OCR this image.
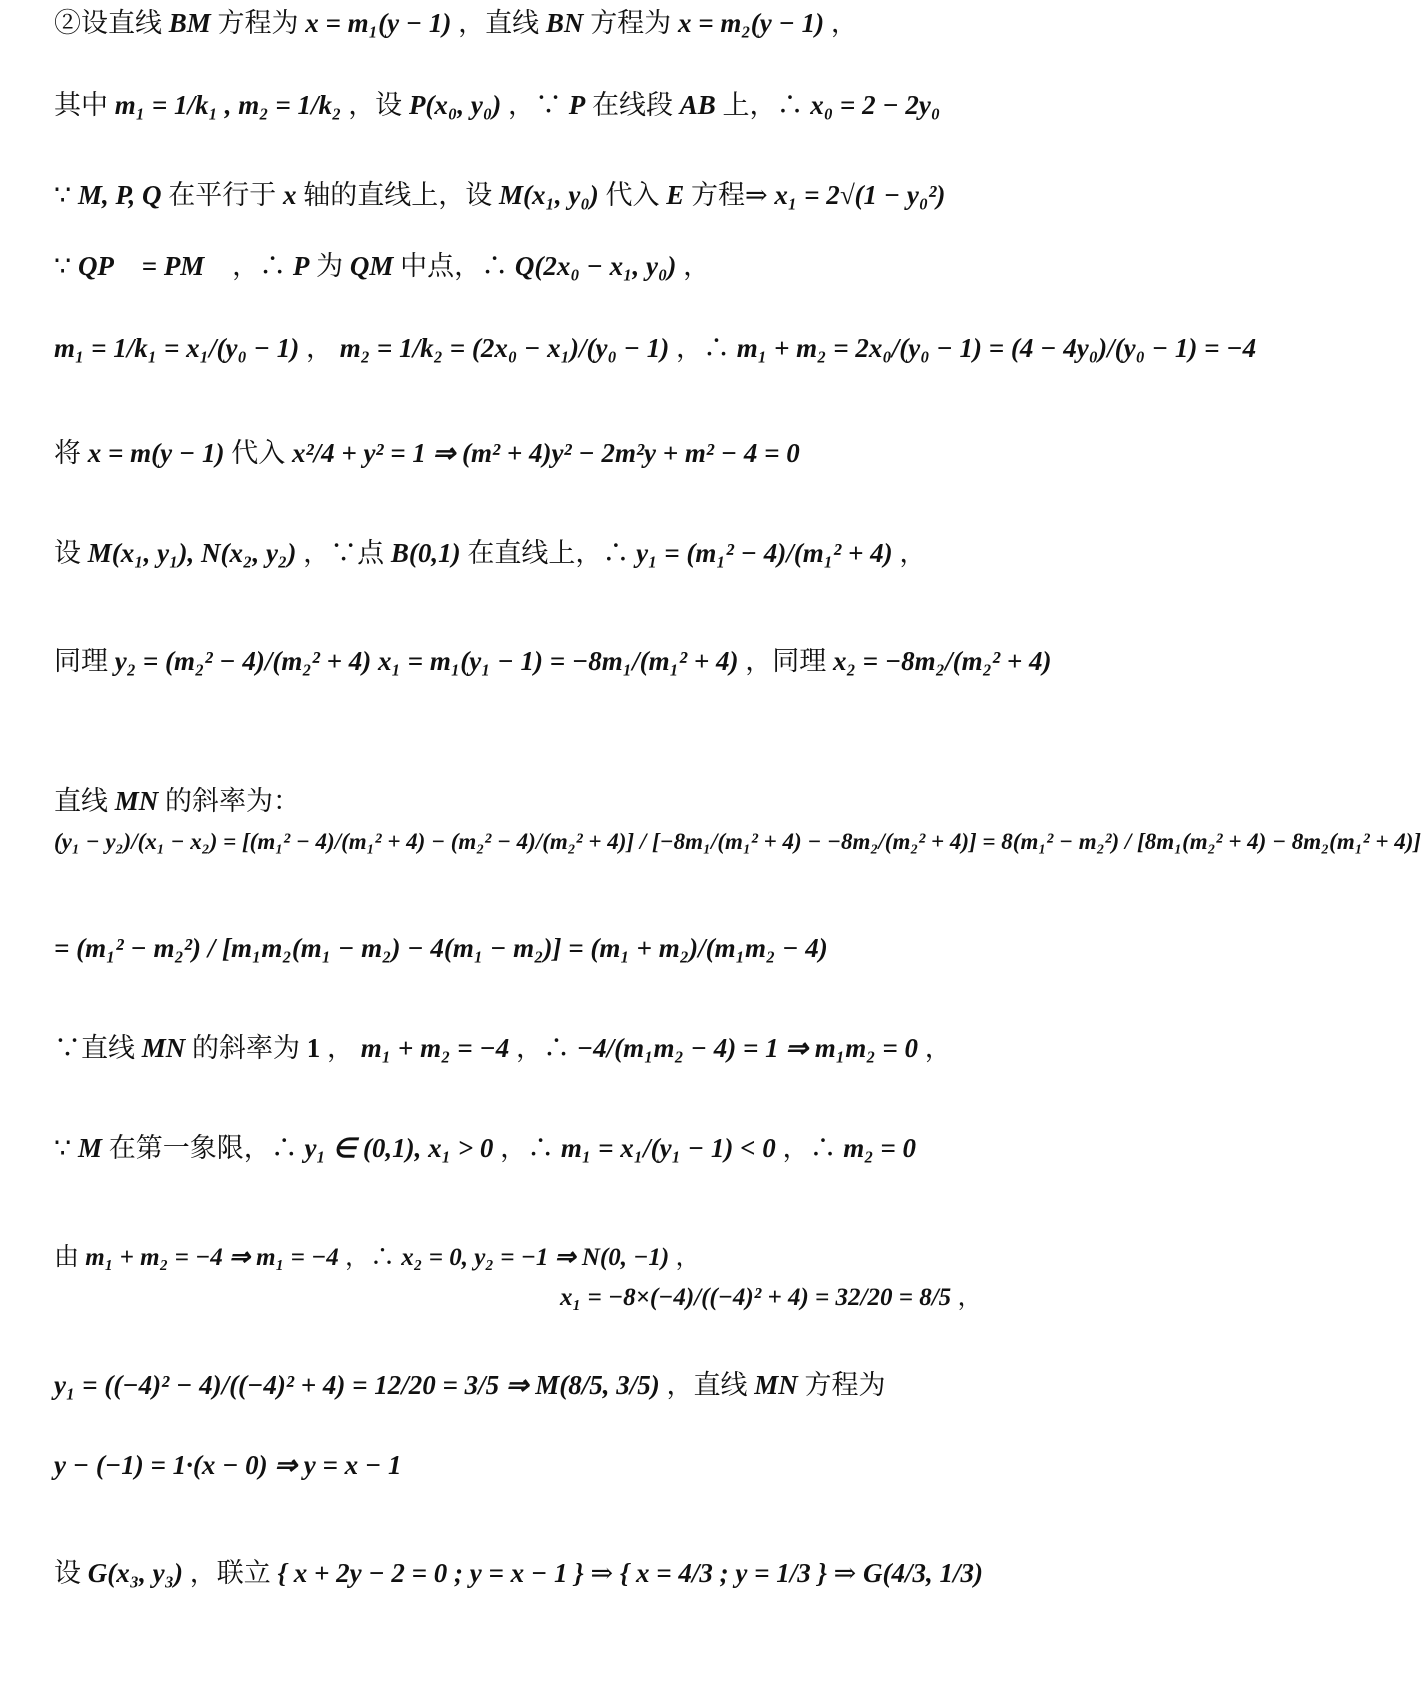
②设直线 BM 方程为 x = m₁(y − 1) ，直线 BN 方程为 x = m₂(y − 1) ，
其中 m₁ = 1/k₁ , m₂ = 1/k₂ ，设 P(x₀, y₀) ，∵ P 在线段 AB 上，∴ x₀ = 2 − 2y₀
∵ M, P, Q 在平行于 x 轴的直线上，设 M(x₁, y₀) 代入 E 方程⇒ x₁ = 2√(1 − y₀²)
∵ QP⃗ = PM⃗ ，∴ P 为 QM 中点，∴ Q(2x₀ − x₁, y₀) ，
m₁ = 1/k₁ = x₁/(y₀ − 1) ， m₂ = 1/k₂ = (2x₀ − x₁)/(y₀ − 1) ，∴ m₁ + m₂ = 2x₀/(y₀ − 1) = (4 − 4y₀)/(y₀ − 1) = −4
将 x = m(y − 1) 代入 x²/4 + y² = 1 ⇒ (m² + 4)y² − 2m²y + m² − 4 = 0
设 M(x₁, y₁), N(x₂, y₂) ，∵点 B(0,1) 在直线上，∴ y₁ = (m₁² − 4)/(m₁² + 4) ，
同理 y₂ = (m₂² − 4)/(m₂² + 4) x₁ = m₁(y₁ − 1) = −8m₁/(m₁² + 4) ，同理 x₂ = −8m₂/(m₂² + 4)
直线 MN 的斜率为：
(y₁ − y₂)/(x₁ − x₂) = [(m₁² − 4)/(m₁² + 4) − (m₂² − 4)/(m₂² + 4)] / [−8m₁/(m₁² + 4) − −8m₂/(m₂² + 4)] = 8(m₁² − m₂²) / [8m₁(m₂² + 4) − 8m₂(m₁² + 4)]
= (m₁² − m₂²) / [m₁m₂(m₁ − m₂) − 4(m₁ − m₂)] = (m₁ + m₂)/(m₁m₂ − 4)
∵直线 MN 的斜率为 1 ， m₁ + m₂ = −4 ，∴ −4/(m₁m₂ − 4) = 1 ⇒ m₁m₂ = 0 ，
∵ M 在第一象限，∴ y₁ ∈ (0,1), x₁ > 0 ，∴ m₁ = x₁/(y₁ − 1) < 0 ，∴ m₂ = 0
由 m₁ + m₂ = −4 ⇒ m₁ = −4 ，∴ x₂ = 0, y₂ = −1 ⇒ N(0, −1) ，
x₁ = −8×(−4)/((−4)² + 4) = 32/20 = 8/5 ，
y₁ = ((−4)² − 4)/((−4)² + 4) = 12/20 = 3/5 ⇒ M(8/5, 3/5) ，直线 MN 方程为
y − (−1) = 1·(x − 0) ⇒ y = x − 1
设 G(x₃, y₃) ，联立 { x + 2y − 2 = 0 ; y = x − 1 } ⇒ { x = 4/3 ; y = 1/3 } ⇒ G(4/3, 1/3)
